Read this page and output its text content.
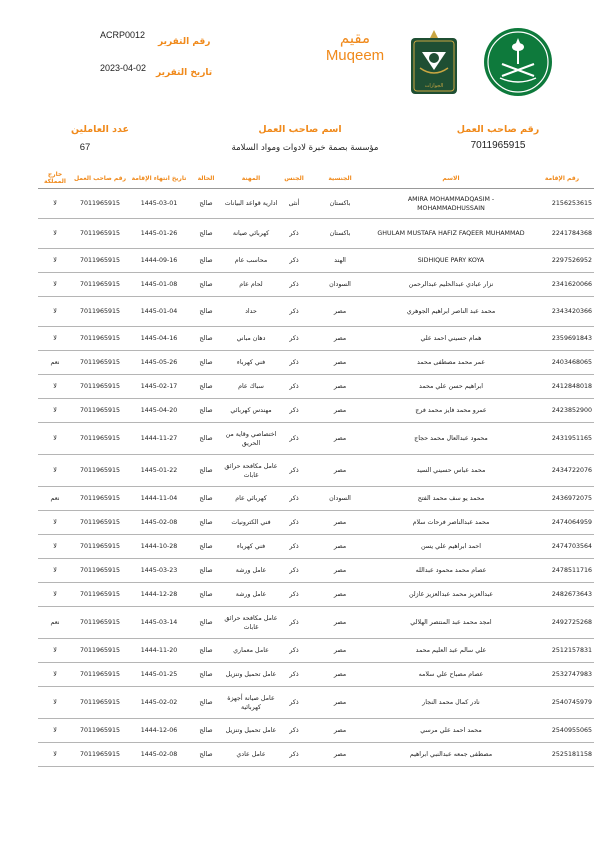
ACRP0012
رقم التقرير
2023-04-02 تاريخ التقرير
مقيم
Muqeem
الجوازات
رقم صاحب العمل
7011965915
اسم صاحب العمل
مؤسسة بصمة خبرة لادوات ومواد السلامة
عدد العاملين
67
رقم الإقامة	الاسم	الجنسية	الجنس	المهنة	الحالة	تاريخ انتهاء الإقامة	رقم صاحب العمل	خارج المملكة
2156253615	AMIRA MOHAMMADQASIM - MOHAMMADHUSSAIN	باكستان	أنثى	ادارية قواعد البيانات	صالح	1445-03-01	7011965915	لا
2241784368	GHULAM MUSTAFA HAFIZ FAQEER MUHAMMAD	باكستان	ذكر	كهربائي صيانة	صالح	1445-01-26	7011965915	لا
2297526952	SIDHIQUE PARY KOYA	الهند	ذكر	محاسب عام	صالح	1444-09-16	7011965915	لا
2341620066	نزار عبادي عبدالحليم عبدالرحمن	السودان	ذكر	لحام عام	صالح	1445-01-08	7011965915	لا
2343420366	محمد عبد الناصر ابراهيم الجوهري	مصر	ذكر	حداد	صالح	1445-01-04	7011965915	لا
2359691843	همام حسيني احمد علي	مصر	ذكر	دهان مباني	صالح	1445-04-16	7011965915	لا
2403468065	عمر محمد مصطفى محمد	مصر	ذكر	فني كهرباء	صالح	1445-05-26	7011965915	نعم
2412848018	ابراهيم حسن علي محمد	مصر	ذكر	سباك عام	صالح	1445-02-17	7011965915	لا
2423852900	عمرو محمد فايز محمد فرج	مصر	ذكر	مهندس كهربائي	صالح	1445-04-20	7011965915	لا
2431951165	محمود عبدالعال محمد حجاج	مصر	ذكر	اختصاصي وقاية من الحريق	صالح	1444-11-27	7011965915	لا
2434722076	محمد عباس حسيني السيد	مصر	ذكر	عامل مكافحة حرائق غابات	صالح	1445-01-22	7011965915	لا
2436972075	محمد يو سف محمد الفتح	السودان	ذكر	كهربائي عام	صالح	1444-11-04	7011965915	نعم
2474064959	محمد عبدالناصر فرحات سلام	مصر	ذكر	فني الكترونيات	صالح	1445-02-08	7011965915	لا
2474703564	احمد ابراهيم علي يسن	مصر	ذكر	فني كهرباء	صالح	1444-10-28	7011965915	لا
2478511716	عصام محمد محمود عبدالله	مصر	ذكر	عامل ورشة	صالح	1445-03-23	7011965915	لا
2482673643	عبدالعزيز محمد عبدالعزيز غازلن	مصر	ذكر	عامل ورشة	صالح	1444-12-28	7011965915	لا
2492725268	امجد محمد عبد المنتصر الهلالي	مصر	ذكر	عامل مكافحة حرائق غابات	صالح	1445-03-14	7011965915	نعم
2512157831	علي سالم عبد العليم محمد	مصر	ذكر	عامل معماري	صالح	1444-11-20	7011965915	لا
2532747983	عصام مصباح علي سلامه	مصر	ذكر	عامل تحميل وتنزيل	صالح	1445-01-25	7011965915	لا
2540745979	نادر كمال محمد النجار	مصر	ذكر	عامل صيانة أجهزة كهربائية	صالح	1445-02-02	7011965915	لا
2540955065	محمد احمد علي مرسي	مصر	ذكر	عامل تحميل وتنزيل	صالح	1444-12-06	7011965915	لا
2525181158	مصطفى جمعه عبدالنبي ابراهيم	مصر	ذكر	عامل عادي	صالح	1445-02-08	7011965915	لا
